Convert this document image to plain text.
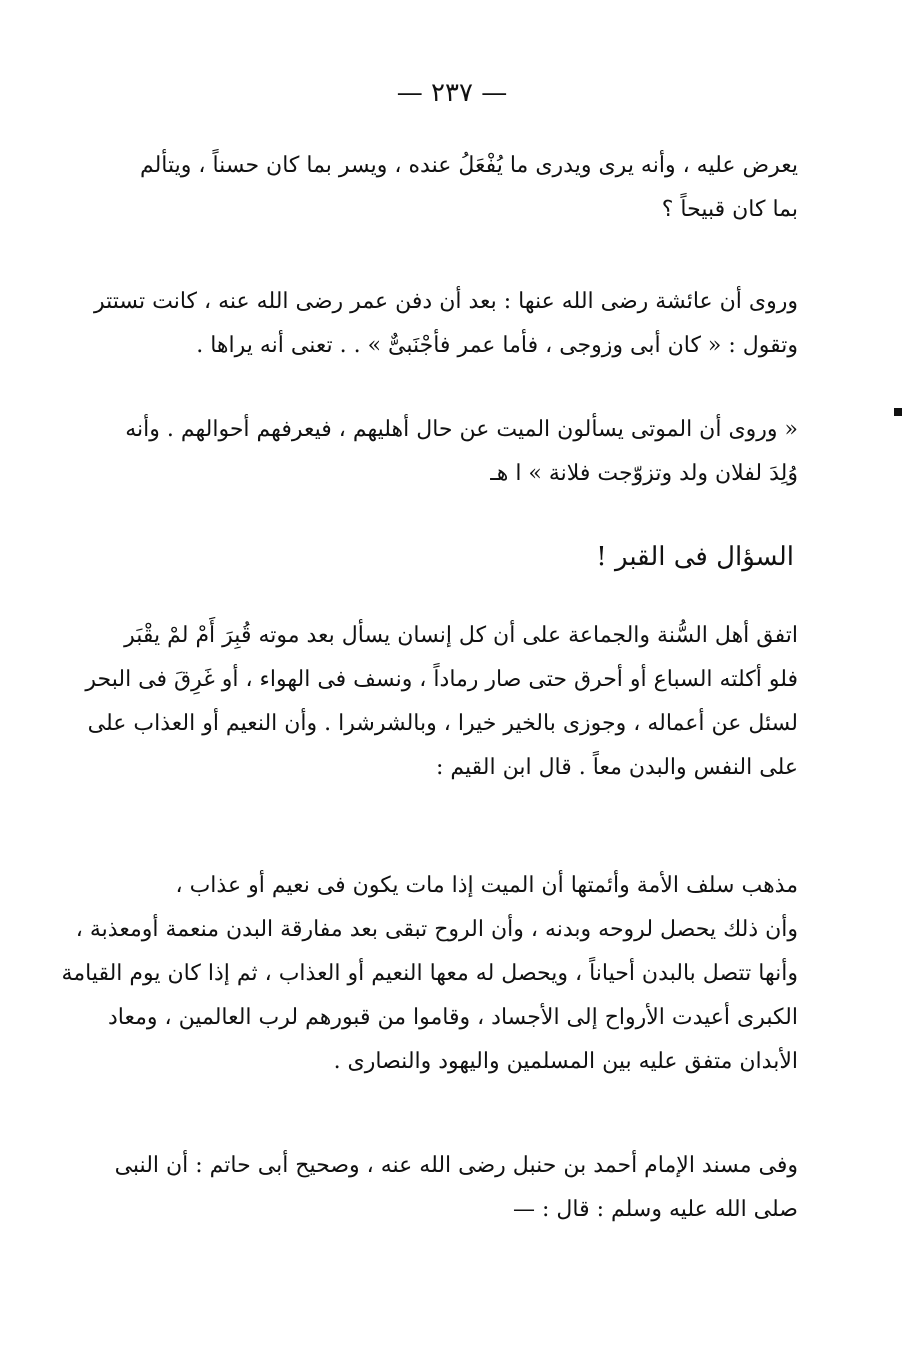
— ٢٣٧ —
يعرض عليه ، وأنه يرى ويدرى ما يُفْعَلُ عنده ، ويسر بما كان حسناً ، ويتألم
بما كان قبيحاً ؟
وروى أن عائشة رضى الله عنها : بعد أن دفن عمر رضى الله عنه ، كانت تستتر
وتقول : « كان أبى وزوجى ، فأما عمر فأجْنَبىٌّ » . . تعنى أنه يراها .
« وروى أن الموتى يسألون الميت عن حال أهليهم ، فيعرفهم أحوالهم . وأنه
وُلِدَ لفلان ولد وتزوّجت فلانة » ا هـ
السؤال فى القبر !
اتفق أهل السُّنة والجماعة على أن كل إنسان يسأل بعد موته قُبِرَ أَمْ لمْ يقْبَر
فلو أكلته السباع أو أحرق حتى صار رماداً ، ونسف فى الهواء ، أو غَرِقَ فى البحر
لسئل عن أعماله ، وجوزى بالخير خيرا ، وبالشرشرا . وأن النعيم أو العذاب على
على النفس والبدن معاً . قال ابن القيم :
مذهب سلف الأمة وأئمتها أن الميت إذا مات يكون فى نعيم أو عذاب ،
وأن ذلك يحصل لروحه وبدنه ، وأن الروح تبقى بعد مفارقة البدن منعمة أومعذبة ،
وأنها تتصل بالبدن أحياناً ، ويحصل له معها النعيم أو العذاب ، ثم إذا كان يوم القيامة
الكبرى أعيدت الأرواح إلى الأجساد ، وقاموا من قبورهم لرب العالمين ، ومعاد
الأبدان متفق عليه بين المسلمين واليهود والنصارى .
وفى مسند الإمام أحمد بن حنبل رضى الله عنه ، وصحيح أبى حاتم : أن النبى
صلى الله عليه وسلم : قال : —
